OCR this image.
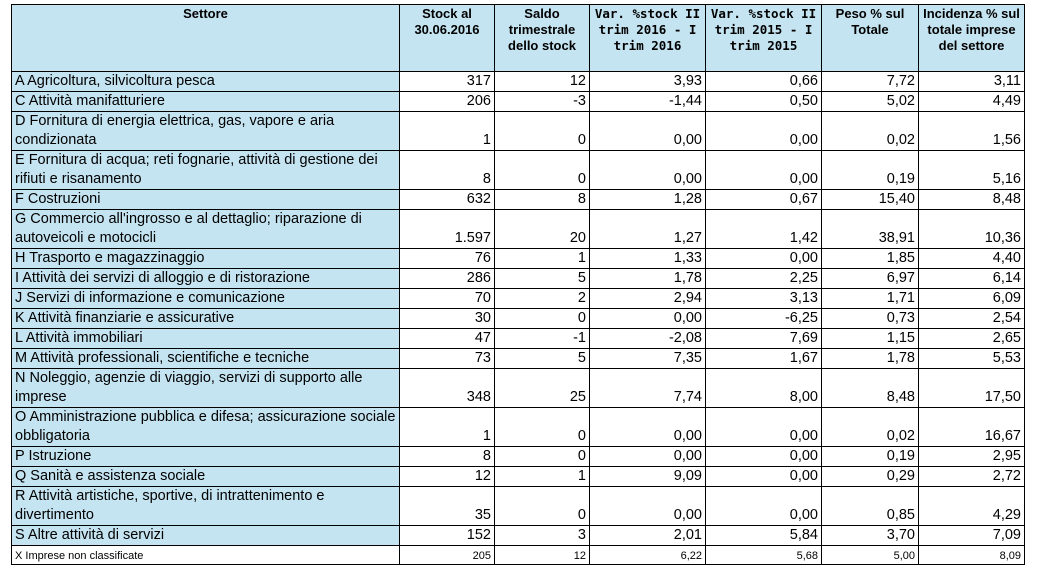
Settore	Stock al 30.06.2016	Saldo trimestrale dello stock	Var. %stock II trim 2016 - I trim 2016	Var. %stock II trim 2015 - I trim 2015	Peso % sul Totale	Incidenza % sul totale imprese del settore
A Agricoltura, silvicoltura pesca	317	12	3,93	0,66	7,72	3,11
C Attività manifatturiere	206	-3	-1,44	0,50	5,02	4,49
D Fornitura di energia elettrica, gas, vapore e aria condizionata	1	0	0,00	0,00	0,02	1,56
E Fornitura di acqua; reti fognarie, attività di gestione dei rifiuti e risanamento	8	0	0,00	0,00	0,19	5,16
F Costruzioni	632	8	1,28	0,67	15,40	8,48
G Commercio all'ingrosso e al dettaglio; riparazione di autoveicoli e motocicli	1.597	20	1,27	1,42	38,91	10,36
H Trasporto e magazzinaggio	76	1	1,33	0,00	1,85	4,40
I Attività dei servizi di alloggio e di ristorazione	286	5	1,78	2,25	6,97	6,14
J Servizi di informazione e comunicazione	70	2	2,94	3,13	1,71	6,09
K Attività finanziarie e assicurative	30	0	0,00	-6,25	0,73	2,54
L Attività immobiliari	47	-1	-2,08	7,69	1,15	2,65
M Attività professionali, scientifiche e tecniche	73	5	7,35	1,67	1,78	5,53
N Noleggio, agenzie di viaggio, servizi di supporto alle imprese	348	25	7,74	8,00	8,48	17,50
O Amministrazione pubblica e difesa; assicurazione sociale obbligatoria	1	0	0,00	0,00	0,02	16,67
P Istruzione	8	0	0,00	0,00	0,19	2,95
Q Sanità e assistenza sociale	12	1	9,09	0,00	0,29	2,72
R Attività artistiche, sportive, di intrattenimento e divertimento	35	0	0,00	0,00	0,85	4,29
S Altre attività di servizi	152	3	2,01	5,84	3,70	7,09
X Imprese non classificate	205	12	6,22	5,68	5,00	8,09
